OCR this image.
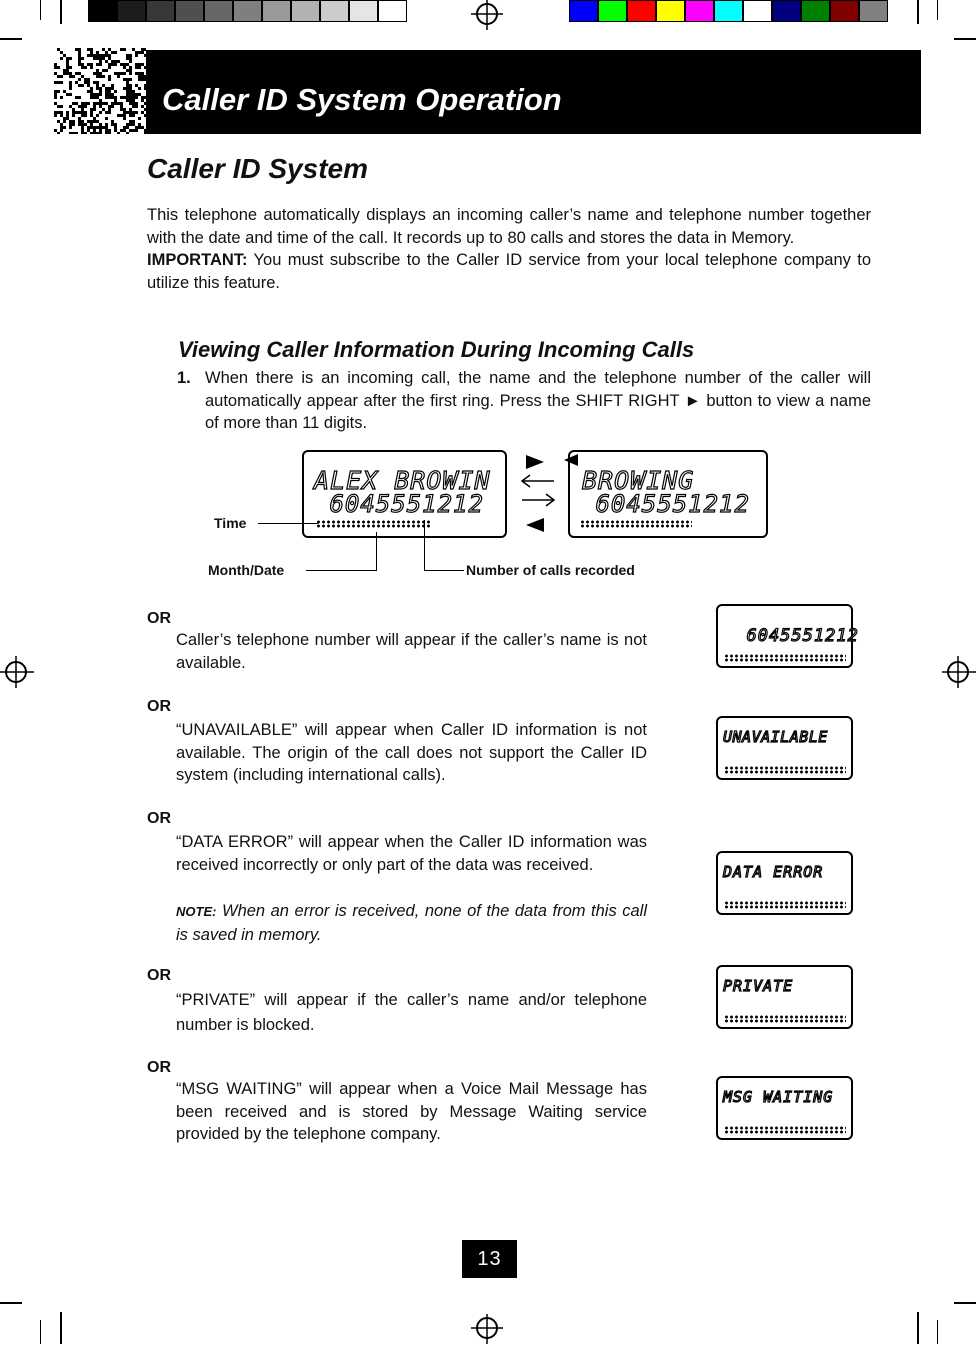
Caller ID System Operation
Caller ID System

This telephone automatically displays an incoming caller’s name and telephone number together with the date and time of the call. It records up to 80 calls and stores the data in Memory.
IMPORTANT: You must subscribe to the Caller ID service from your local telephone company to utilize this feature.

Viewing Caller Information During Incoming Calls
1. When there is an incoming call, the name and the telephone number of the caller will automatically appear after the first ring. Press the SHIFT RIGHT ► button to view a name of more than 11 digits.

ALEX BROWIN
6045551212
BROWING
6045551212
Time
Month/Date	Number of calls recorded
OR

Caller’s telephone number will appear if the caller’s name is not available.

6045551212
OR

“UNAVAILABLE” will appear when Caller ID information is not available. The origin of the call does not support the Caller ID system (including international calls).

UNAVAILABLE
OR

“DATA ERROR” will appear when the Caller ID information was received incorrectly or only part of the data was received.

NOTE: When an error is received, none of the data from this call is saved in memory.

DATA ERROR
OR

“PRIVATE” will appear if the caller’s name and/or telephone number is blocked.

PRIVATE
OR

“MSG WAITING” will appear when a Voice Mail Message has been received and is stored by Message Waiting service provided by the telephone company.

MSG WAITING
13
